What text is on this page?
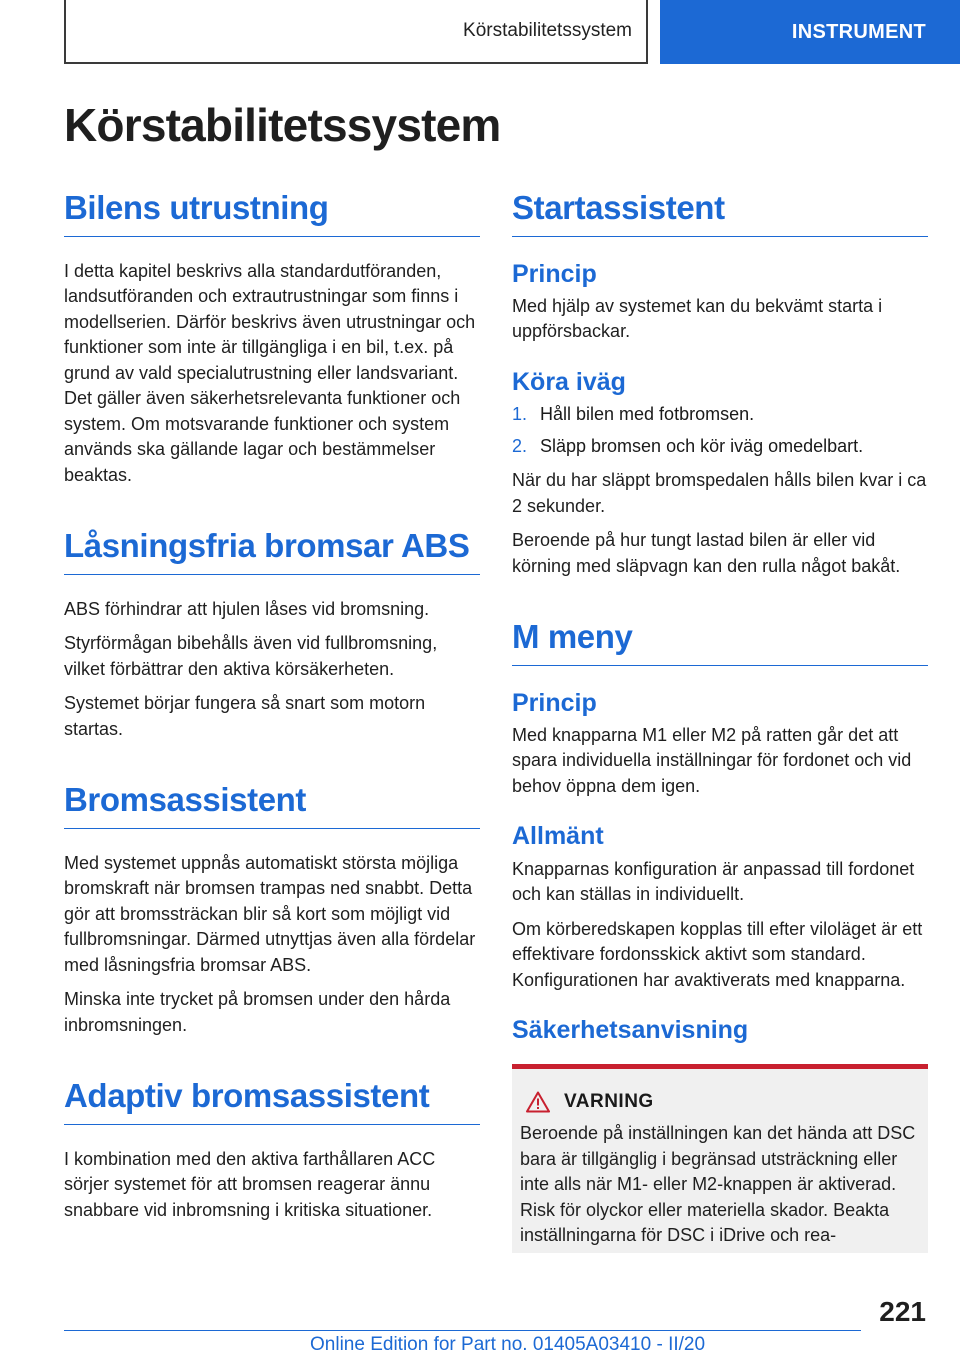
Körstabilitetssystem	INSTRUMENT
Körstabilitetssystem
Bilens utrustning

I detta kapitel beskrivs alla standardutföranden, landsutföranden och extrautrustningar som finns i modellserien. Därför beskrivs även utrustningar och funktioner som inte är tillgängliga i en bil, t.ex. på grund av vald specialutrustning eller landsvariant. Det gäller även säkerhetsrelevanta funktioner och system. Om motsvarande funktioner och system används ska gällande lagar och bestämmelser beaktas.

Låsningsfria bromsar ABS

ABS förhindrar att hjulen låses vid bromsning.

Styrförmågan bibehålls även vid fullbromsning, vilket förbättrar den aktiva körsäkerheten.

Systemet börjar fungera så snart som motorn startas.

Bromsassistent

Med systemet uppnås automatiskt största möjliga bromskraft när bromsen trampas ned snabbt. Detta gör att bromssträckan blir så kort som möjligt vid fullbromsningar. Därmed utnyttjas även alla fördelar med låsningsfria bromsar ABS.

Minska inte trycket på bromsen under den hårda inbromsningen.

Adaptiv bromsassistent

I kombination med den aktiva farthållaren ACC sörjer systemet för att bromsen reagerar ännu snabbare vid inbromsning i kritiska situationer.

Startassistent
Princip

Med hjälp av systemet kan du bekvämt starta i uppförsbackar.

Köra iväg
1. Håll bilen med fotbromsen.
2. Släpp bromsen och kör iväg omedelbart.

När du har släppt bromspedalen hålls bilen kvar i ca 2 sekunder.

Beroende på hur tungt lastad bilen är eller vid körning med släpvagn kan den rulla något bakåt.

M meny
Princip

Med knapparna M1 eller M2 på ratten går det att spara individuella inställningar för fordonet och vid behov öppna dem igen.

Allmänt

Knapparnas konfiguration är anpassad till fordonet och kan ställas in individuellt.

Om körberedskapen kopplas till efter viloläget är ett effektivare fordonsskick aktivt som standard. Konfigurationen har avaktiverats med knapparna.

Säkerhetsanvisning
VARNING

Beroende på inställningen kan det hända att DSC bara är tillgänglig i begränsad utsträckning eller inte alls när M1- eller M2-knappen är aktiverad. Risk för olyckor eller materiella skador. Beakta inställningarna för DSC i iDrive och rea-

221
Online Edition for Part no. 01405A03410 - II/20
